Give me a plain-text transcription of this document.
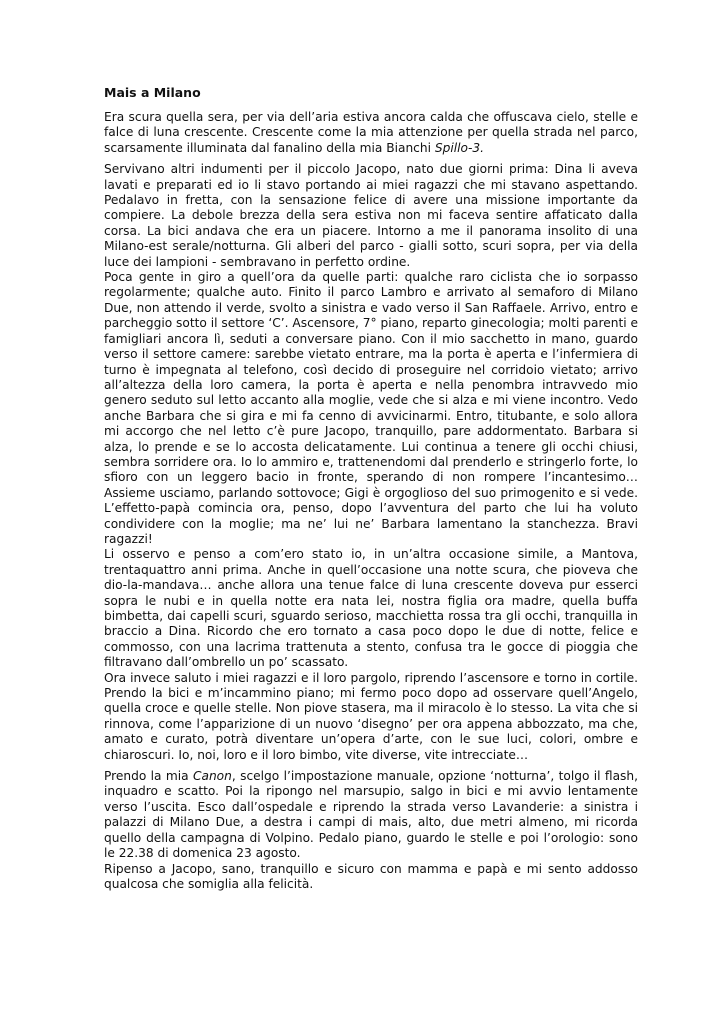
Mais a Milano

Era scura quella sera, per via dell’aria estiva ancora calda che offuscava cielo, stelle e falce di luna crescente. Crescente come la mia attenzione per quella strada nel parco, scarsamente illuminata dal fanalino della mia Bianchi Spillo-3.

Servivano altri indumenti per il piccolo Jacopo, nato due giorni prima: Dina li aveva lavati e preparati ed io li stavo portando ai miei ragazzi che mi stavano aspettando. Pedalavo in fretta, con la sensazione felice di avere una missione importante da compiere. La debole brezza della sera estiva non mi faceva sentire affaticato dalla corsa. La bici andava che era un piacere. Intorno a me il panorama insolito di una Milano-est serale/notturna. Gli alberi del parco - gialli sotto, scuri sopra, per via della luce dei lampioni - sembravano in perfetto ordine.

Poca gente in giro a quell’ora da quelle parti: qualche raro ciclista che io sorpasso regolarmente; qualche auto. Finito il parco Lambro e arrivato al semaforo di Milano Due, non attendo il verde, svolto a sinistra e vado verso il San Raffaele. Arrivo, entro e parcheggio sotto il settore ‘C’. Ascensore, 7° piano, reparto ginecologia; molti parenti e famigliari ancora lì, seduti a conversare piano. Con il mio sacchetto in mano, guardo verso il settore camere: sarebbe vietato entrare, ma la porta è aperta e l’infermiera di turno è impegnata al telefono, così decido di proseguire nel corridoio vietato; arrivo all’altezza della loro camera, la porta è aperta e nella penombra intravvedo mio genero seduto sul letto accanto alla moglie, vede che si alza e mi viene incontro. Vedo anche Barbara che si gira e mi fa cenno di avvicinarmi. Entro, titubante, e solo allora mi accorgo che nel letto c’è pure Jacopo, tranquillo, pare addormentato. Barbara si alza, lo prende e se lo accosta delicatamente. Lui continua a tenere gli occhi chiusi, sembra sorridere ora. Io lo ammiro e, trattenendomi dal prenderlo e stringerlo forte, lo sfioro con un leggero bacio in fronte, sperando di non rompere l’incantesimo… Assieme usciamo, parlando sottovoce; Gigi è orgoglioso del suo primogenito e si vede. L’effetto-papà comincia ora, penso, dopo l’avventura del parto che lui ha voluto condividere con la moglie; ma ne’ lui ne’ Barbara lamentano la stanchezza. Bravi ragazzi!

Li osservo e penso a com’ero stato io, in un’altra occasione simile, a Mantova, trentaquattro anni prima. Anche in quell’occasione una notte scura, che pioveva che dio-la-mandava… anche allora una tenue falce di luna crescente doveva pur esserci sopra le nubi e in quella notte era nata lei, nostra figlia ora madre, quella buffa bimbetta, dai capelli scuri, sguardo serioso, macchietta rossa tra gli occhi, tranquilla in braccio a Dina. Ricordo che ero tornato a casa poco dopo le due di notte, felice e commosso, con una lacrima trattenuta a stento, confusa tra le gocce di pioggia che filtravano dall’ombrello un po’ scassato.

Ora invece saluto i miei ragazzi e il loro pargolo, riprendo l’ascensore e torno in cortile. Prendo la bici e m’incammino piano; mi fermo poco dopo ad osservare quell’Angelo, quella croce e quelle stelle. Non piove stasera, ma il miracolo è lo stesso. La vita che si rinnova, come l’apparizione di un nuovo ‘disegno’ per ora appena abbozzato, ma che, amato e curato, potrà diventare un’opera d’arte, con le sue luci, colori, ombre e chiaroscuri. Io, noi, loro e il loro bimbo, vite diverse, vite intrecciate…

Prendo la mia Canon, scelgo l’impostazione manuale, opzione ‘notturna’, tolgo il flash, inquadro e scatto. Poi la ripongo nel marsupio, salgo in bici e mi avvio lentamente verso l’uscita. Esco dall’ospedale e riprendo la strada verso Lavanderie: a sinistra i palazzi di Milano Due, a destra i campi di mais, alto, due metri almeno, mi ricorda quello della campagna di Volpino. Pedalo piano, guardo le stelle e poi l’orologio: sono le 22.38 di domenica 23 agosto.

Ripenso a Jacopo, sano, tranquillo e sicuro con mamma e papà e mi sento addosso qualcosa che somiglia alla felicità.
